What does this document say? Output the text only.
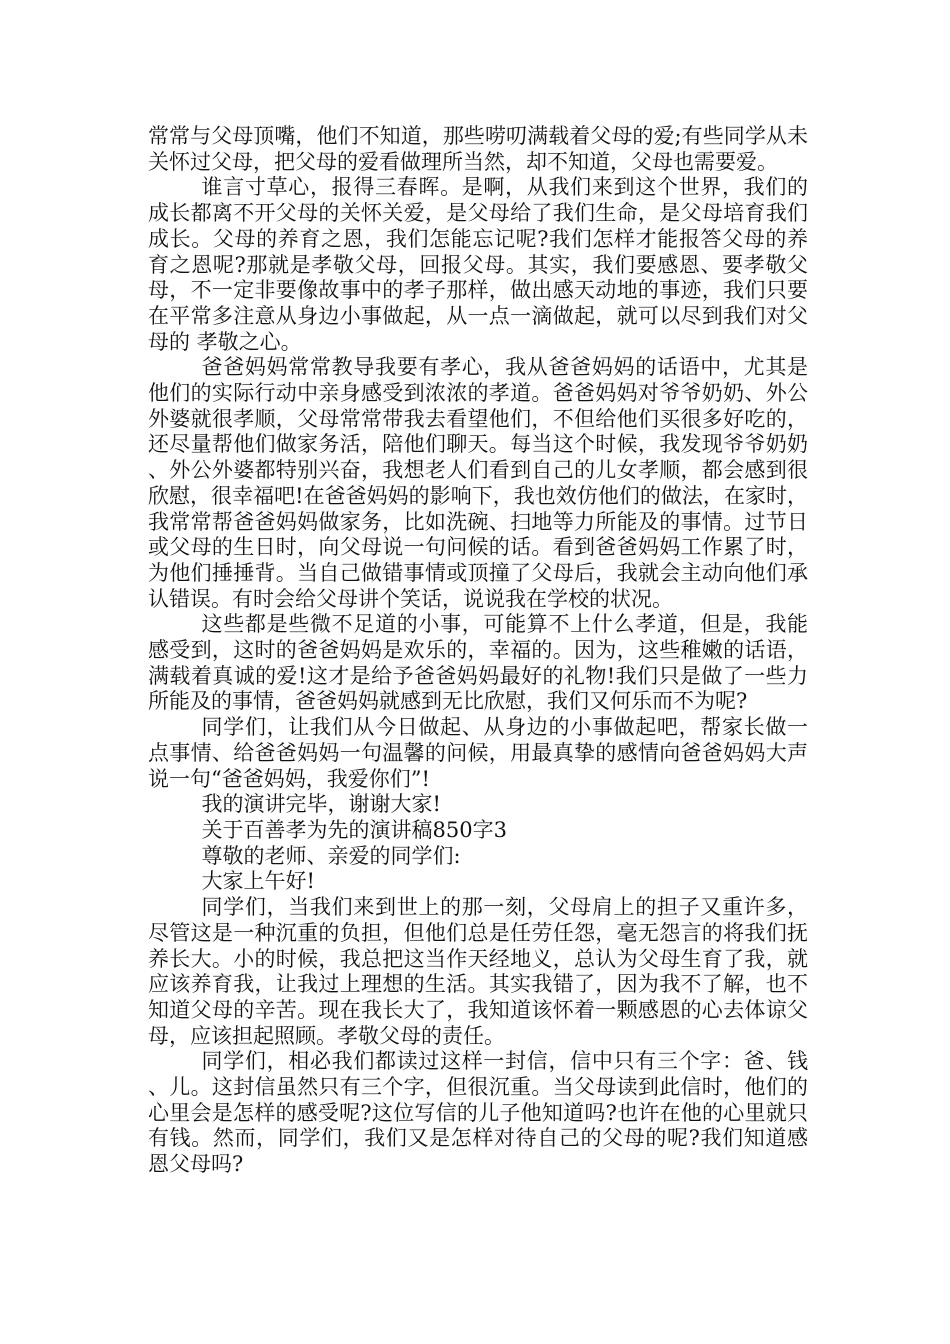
常常与父母顶嘴，他们不知道，那些唠叨满载着父母的爱;有些同学从未关怀过父母，把父母的爱看做理所当然，却不知道，父母也需要爱。

谁言寸草心，报得三春晖。是啊，从我们来到这个世界，我们的成长都离不开父母的关怀关爱，是父母给了我们生命，是父母培育我们成长。父母的养育之恩，我们怎能忘记呢?我们怎样才能报答父母的养育之恩呢?那就是孝敬父母，回报父母。其实，我们要感恩、要孝敬父母，不一定非要像故事中的孝子那样，做出感天动地的事迹，我们只要在平常多注意从身边小事做起，从一点一滴做起，就可以尽到我们对父母的 孝敬之心。

爸爸妈妈常常教导我要有孝心，我从爸爸妈妈的话语中，尤其是他们的实际行动中亲身感受到浓浓的孝道。爸爸妈妈对爷爷奶奶、外公外婆就很孝顺，父母常常带我去看望他们，不但给他们买很多好吃的，还尽量帮他们做家务活，陪他们聊天。每当这个时候，我发现爷爷奶奶、外公外婆都特别兴奋，我想老人们看到自己的儿女孝顺，都会感到很欣慰，很幸福吧!在爸爸妈妈的影响下，我也效仿他们的做法，在家时，我常常帮爸爸妈妈做家务，比如洗碗、扫地等力所能及的事情。过节日或父母的生日时，向父母说一句问候的话。看到爸爸妈妈工作累了时，为他们捶捶背。当自己做错事情或顶撞了父母后，我就会主动向他们承认错误。有时会给父母讲个笑话，说说我在学校的状况。

这些都是些微不足道的小事，可能算不上什么孝道，但是，我能感受到，这时的爸爸妈妈是欢乐的，幸福的。因为，这些稚嫩的话语，满载着真诚的爱!这才是给予爸爸妈妈最好的礼物!我们只是做了一些力所能及的事情，爸爸妈妈就感到无比欣慰，我们又何乐而不为呢?

同学们，让我们从今日做起、从身边的小事做起吧，帮家长做一点事情、给爸爸妈妈一句温馨的问候，用最真挚的感情向爸爸妈妈大声说一句“爸爸妈妈，我爱你们”!

我的演讲完毕，谢谢大家!

关于百善孝为先的演讲稿850字3

尊敬的老师、亲爱的同学们:

大家上午好!

同学们，当我们来到世上的那一刻，父母肩上的担子又重许多，尽管这是一种沉重的负担，但他们总是任劳任怨，毫无怨言的将我们抚养长大。小的时候，我总把这当作天经地义，总认为父母生育了我，就应该养育我，让我过上理想的生活。其实我错了，因为我不了解，也不知道父母的辛苦。现在我长大了，我知道该怀着一颗感恩的心去体谅父母，应该担起照顾。孝敬父母的责任。

同学们，相必我们都读过这样一封信，信中只有三个字：爸、钱、儿。这封信虽然只有三个字，但很沉重。当父母读到此信时，他们的心里会是怎样的感受呢?这位写信的儿子他知道吗?也许在他的心里就只有钱。然而，同学们，我们又是怎样对待自己的父母的呢?我们知道感恩父母吗?
